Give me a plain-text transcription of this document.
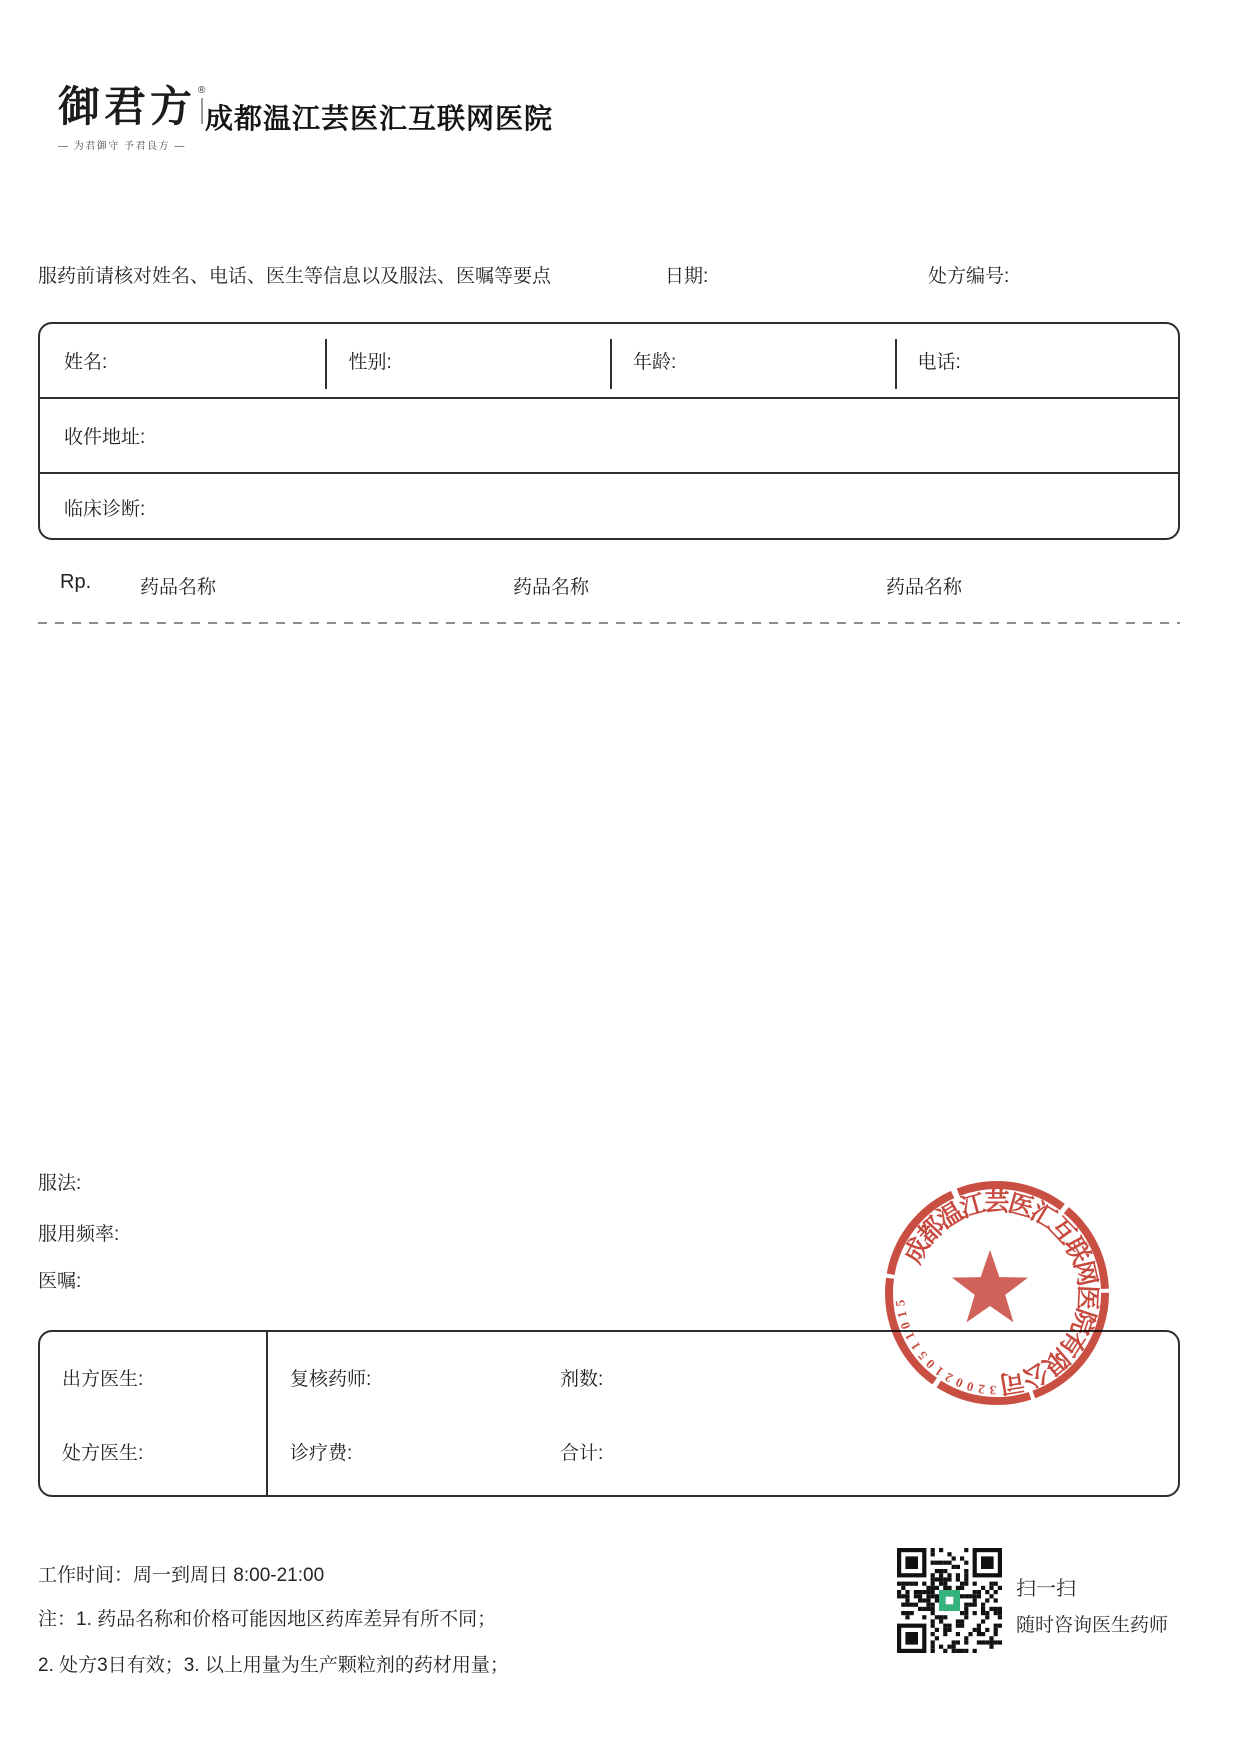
御君方 ®
— 为君御守 予君良方 —
成都温江芸医汇互联网医院
服药前请核对姓名、电话、医生等信息以及服法、医嘱等要点	日期:	处方编号:
姓名:	性别:	年龄:	电话:
收件地址:
临床诊断:
Rp.	药品名称	药品名称	药品名称
服法:
服用频率:
医嘱:
出方医生:	复核药师:	剂数:
处方医生:	诊疗费:	合计:
成
都
温
江
芸
医
汇
互
联
网
医
院
有
限
公
司
5
1
0
1
1
5
0
1
2
0 0 2 3
工作时间：周一到周日 8:00-21:00
注：1. 药品名称和价格可能因地区药库差异有所不同；
2. 处方3日有效；3. 以上用量为生产颗粒剂的药材用量；
扫一扫
随时咨询医生药师
